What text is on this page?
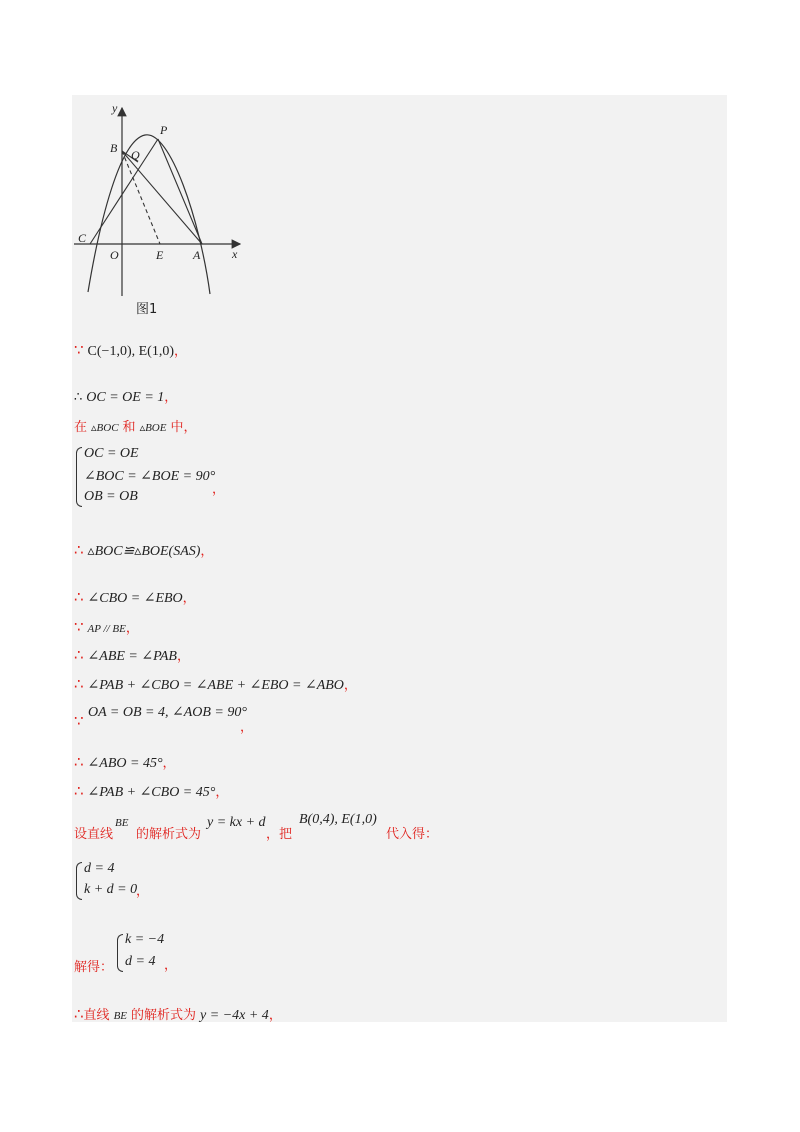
y
x
P
B Q
C
O	E A
图1
∵ C(−1,0), E(1,0)，
∴ OC = OE = 1，
在 ▵BOC 和 ▵BOE 中，
OC = OE
∠BOC = ∠BOE = 90°
OB = OB	，
∴ ▵BOC≌▵BOE(SAS)，
∴ ∠CBO = ∠EBO，
∵ AP // BE，
∴ ∠ABE = ∠PAB，
∴ ∠PAB + ∠CBO = ∠ABE + ∠EBO = ∠ABO，
∵ OA = OB = 4, ∠AOB = 90°
，
∴ ∠ABO = 45°，
∴ ∠PAB + ∠CBO = 45°，
设直线
BE
的解析式为
y = kx + d
，把
B(0,4), E(1,0)
代入得：
d = 4
k + d = 0
，
解得：
k = −4
d = 4 ，
∴直线 BE 的解析式为 y = −4x + 4，
